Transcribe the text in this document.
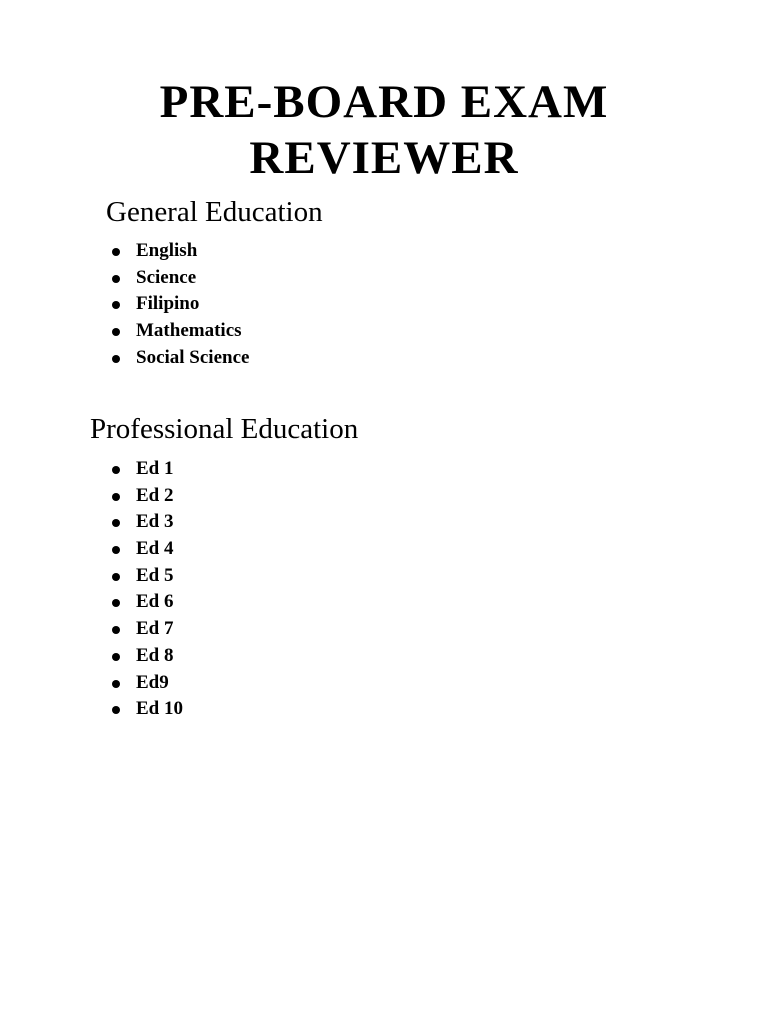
PRE-BOARD EXAM
REVIEWER
General Education
English
Science
Filipino
Mathematics
Social Science
Professional Education
Ed 1
Ed 2
Ed 3
Ed 4
Ed 5
Ed 6
Ed 7
Ed 8
Ed9
Ed 10
